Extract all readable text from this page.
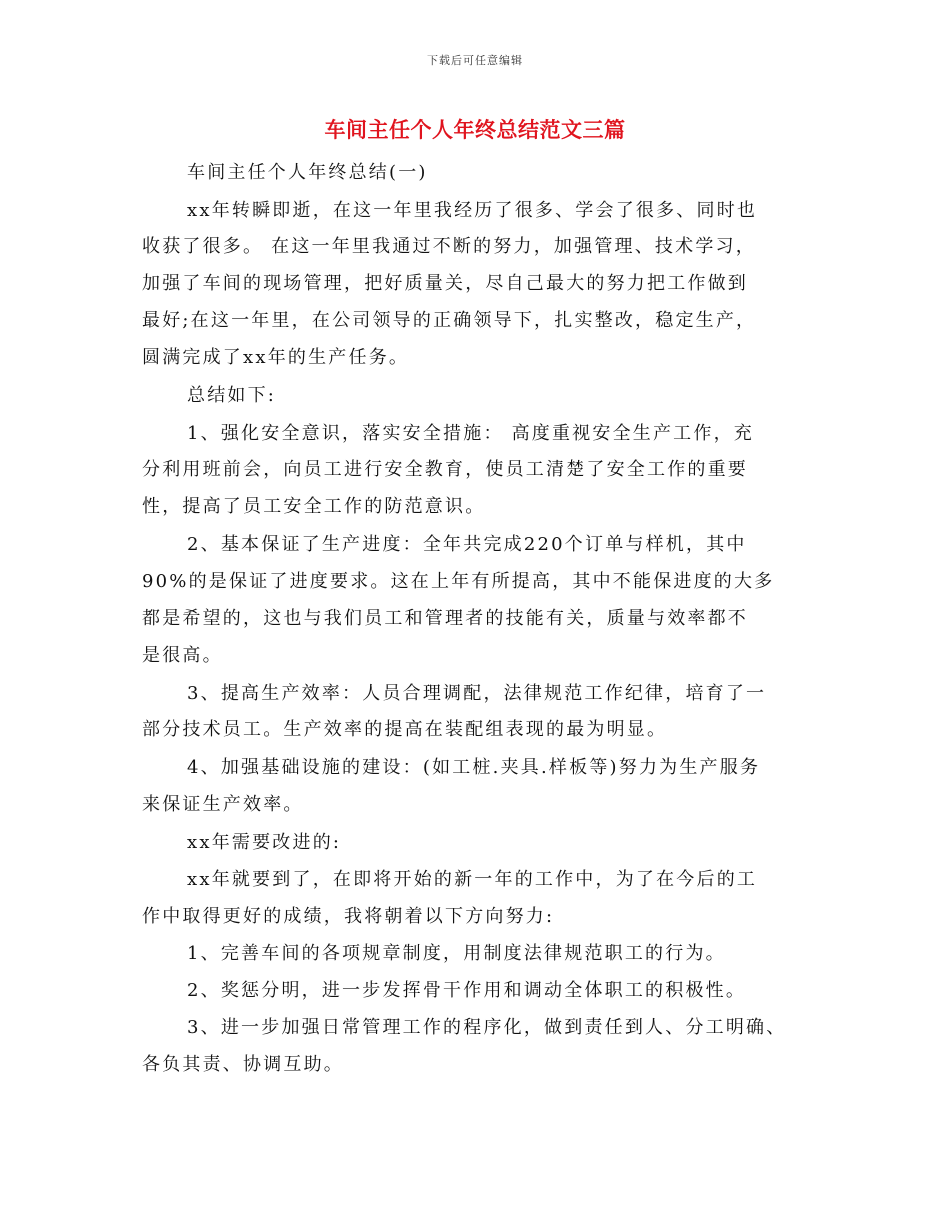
下载后可任意编辑
车间主任个人年终总结范文三篇
车间主任个人年终总结(一)
xx年转瞬即逝，在这一年里我经历了很多、学会了很多、同时也
收获了很多。 在这一年里我通过不断的努力，加强管理、技术学习，
加强了车间的现场管理，把好质量关，尽自己最大的努力把工作做到
最好;在这一年里，在公司领导的正确领导下，扎实整改，稳定生产，
圆满完成了xx年的生产任务。
总结如下:
1、强化安全意识，落实安全措施： 高度重视安全生产工作，充
分利用班前会，向员工进行安全教育，使员工清楚了安全工作的重要
性，提高了员工安全工作的防范意识。
2、基本保证了生产进度：全年共完成220个订单与样机，其中
90%的是保证了进度要求。这在上年有所提高，其中不能保进度的大多
都是希望的，这也与我们员工和管理者的技能有关，质量与效率都不
是很高。
3、提高生产效率：人员合理调配，法律规范工作纪律，培育了一
部分技术员工。生产效率的提高在装配组表现的最为明显。
4、加强基础设施的建设：(如工桩.夹具.样板等)努力为生产服务
来保证生产效率。
xx年需要改进的:
xx年就要到了，在即将开始的新一年的工作中，为了在今后的工
作中取得更好的成绩，我将朝着以下方向努力:
1、完善车间的各项规章制度，用制度法律规范职工的行为。
2、奖惩分明，进一步发挥骨干作用和调动全体职工的积极性。
3、进一步加强日常管理工作的程序化，做到责任到人、分工明确、
各负其责、协调互助。
